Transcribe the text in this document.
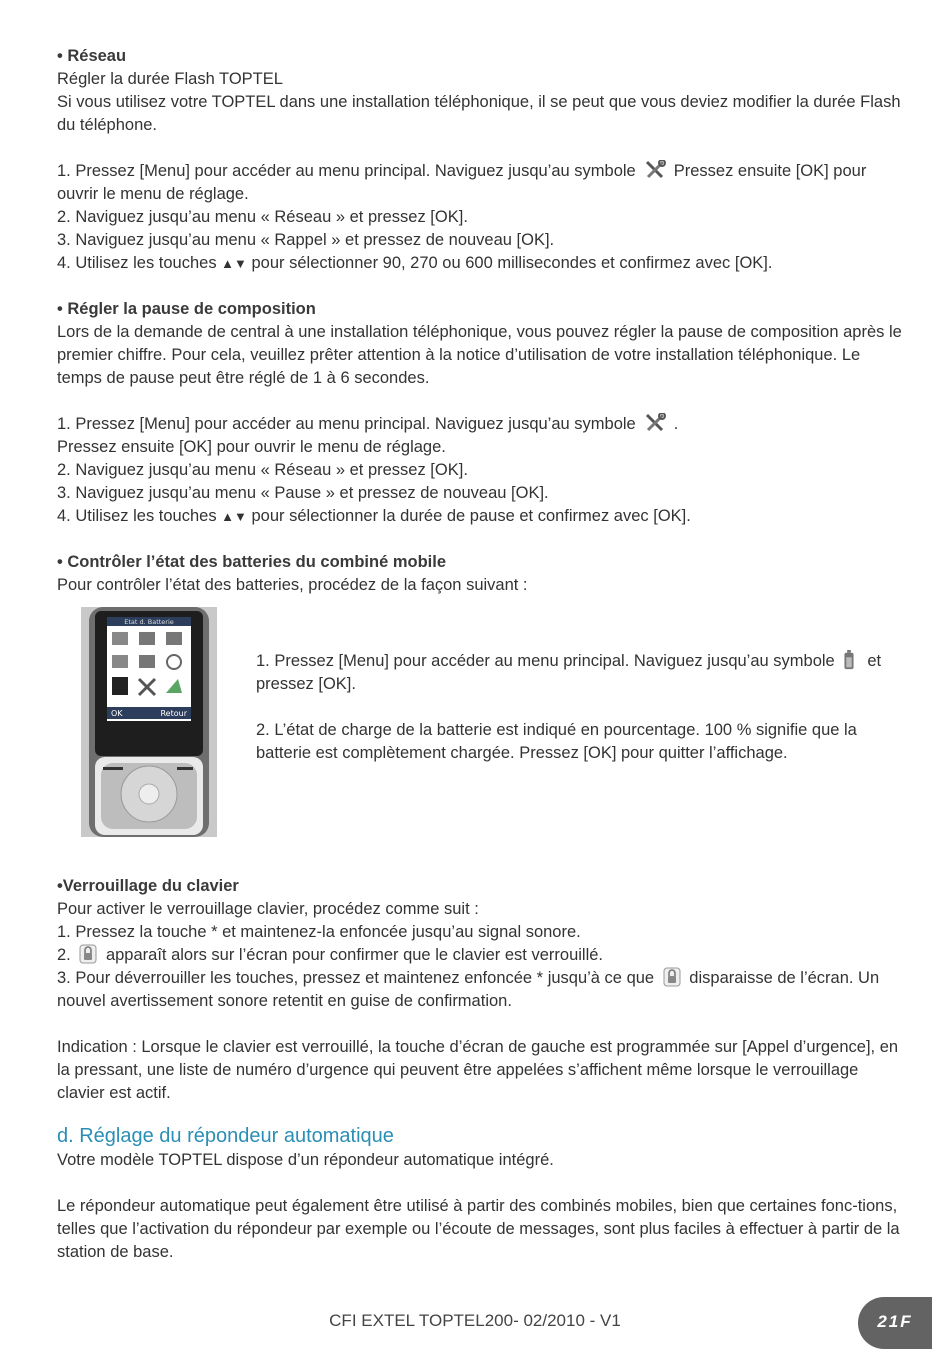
• Réseau

Régler la durée Flash TOPTEL

Si vous utilisez votre TOPTEL dans une installation téléphonique, il se peut que vous deviez modifier la durée Flash du téléphone.

1. Pressez [Menu] pour accéder au menu principal. Naviguez jusqu’au symbole Pressez ensuite [OK] pour ouvrir le menu de réglage.

2. Naviguez jusqu’au menu « Réseau » et pressez [OK].

3. Naviguez jusqu’au menu « Rappel » et pressez de nouveau [OK].

4. Utilisez les touches ▲▼ pour sélectionner 90, 270 ou 600 millisecondes et confirmez avec [OK].

• Régler la pause de composition

Lors de la demande de central à une installation téléphonique, vous pouvez régler la pause de composition après le premier chiffre. Pour cela, veuillez prêter attention à la notice d’utilisation de votre installation téléphonique. Le temps de pause peut être réglé de 1 à 6 secondes.

1. Pressez [Menu] pour accéder au menu principal. Naviguez jusqu’au symbole .

Pressez ensuite [OK] pour ouvrir le menu de réglage.

2. Naviguez jusqu’au menu « Réseau » et pressez [OK].

3. Naviguez jusqu’au menu « Pause » et pressez de nouveau [OK].

4. Utilisez les touches ▲▼ pour sélectionner la durée de pause et confirmez avec [OK].

• Contrôler l’état des batteries du combiné mobile

Pour contrôler l’état des batteries, procédez de la façon suivant :

Etat d. Batterie
OK	Retour

1. Pressez [Menu] pour accéder au menu principal. Naviguez jusqu’au symbole et pressez [OK].

2. L’état de charge de la batterie est indiqué en pourcentage. 100 % signifie que la batterie est complètement chargée. Pressez [OK] pour quitter l’affichage.

•Verrouillage du clavier

Pour activer le verrouillage clavier, procédez comme suit :

1. Pressez la touche * et maintenez-la enfoncée jusqu’au signal sonore.

2. apparaît alors sur l’écran pour confirmer que le clavier est verrouillé.

3. Pour déverrouiller les touches, pressez et maintenez enfoncée * jusqu’à ce que disparaisse de l’écran. Un nouvel avertissement sonore retentit en guise de confirmation.

Indication : Lorsque le clavier est verrouillé, la touche d’écran de gauche est programmée sur [Appel d’urgence], en la pressant, une liste de numéro d’urgence qui peuvent être appelées s’affichent même lorsque le verrouillage clavier est actif.

d. Réglage du répondeur automatique

Votre modèle TOPTEL dispose d’un répondeur automatique intégré.

Le répondeur automatique peut également être utilisé à partir des combinés mobiles, bien que certaines fonc-tions, telles que l’activation du répondeur par exemple ou l’écoute de messages, sont plus faciles à effectuer à partir de la station de base.

CFI EXTEL TOPTEL200- 02/2010 - V1	21F
